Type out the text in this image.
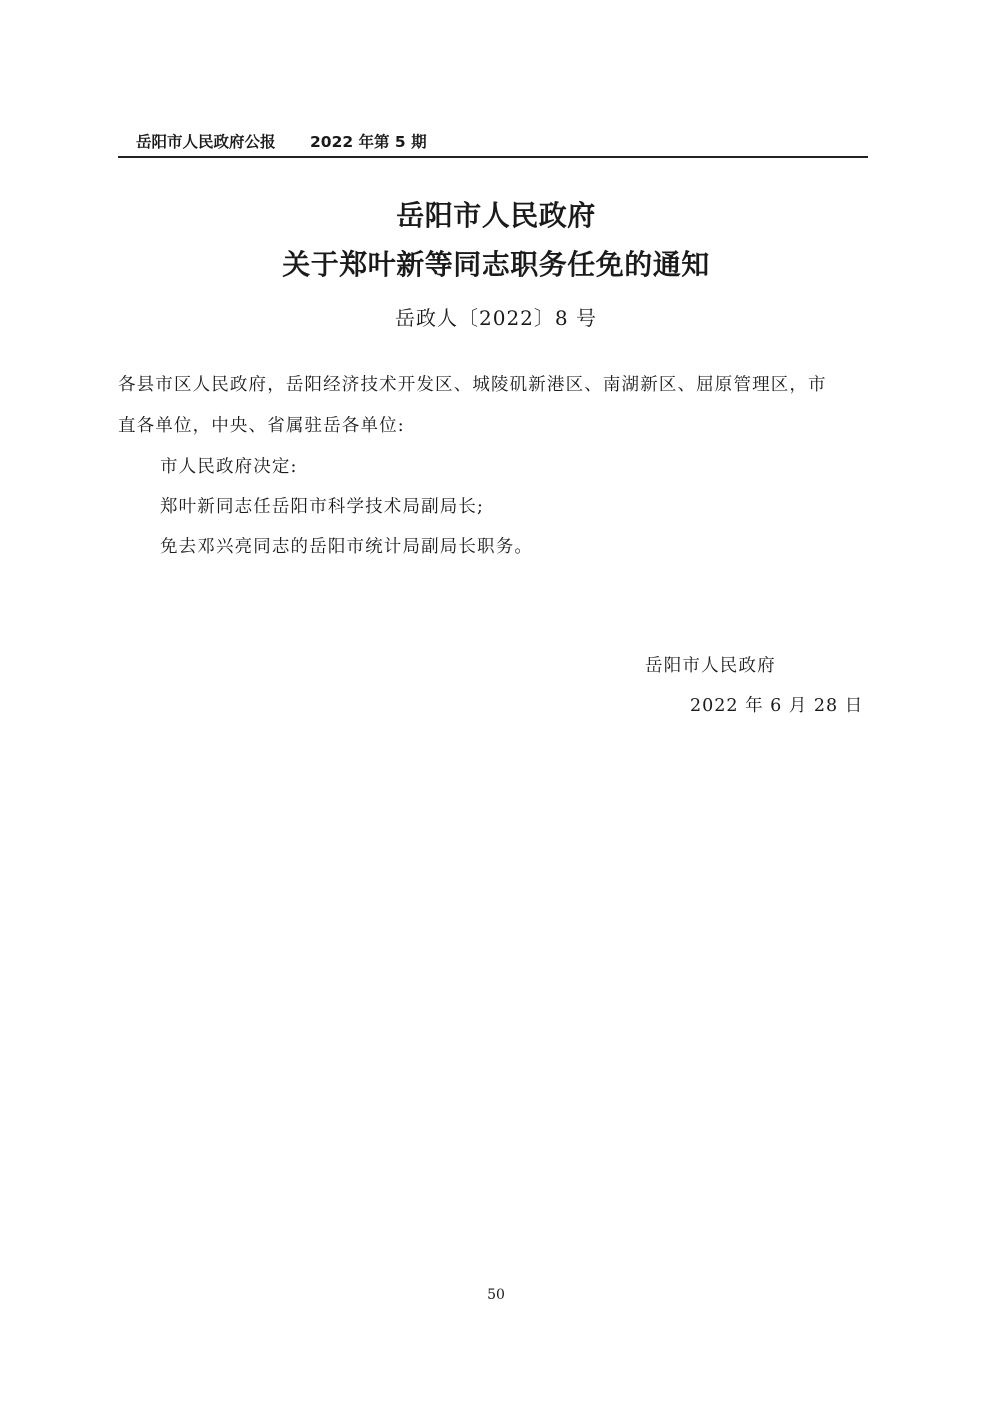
岳阳市人民政府公报 2022 年第 5 期
岳阳市人民政府
关于郑叶新等同志职务任免的通知
岳政人〔2022〕8 号
各县市区人民政府，岳阳经济技术开发区、城陵矶新港区、南湖新区、屈原管理区，市
直各单位，中央、省属驻岳各单位:
市人民政府决定:
郑叶新同志任岳阳市科学技术局副局长;
免去邓兴亮同志的岳阳市统计局副局长职务。
岳阳市人民政府
2022 年 6 月 28 日
50
